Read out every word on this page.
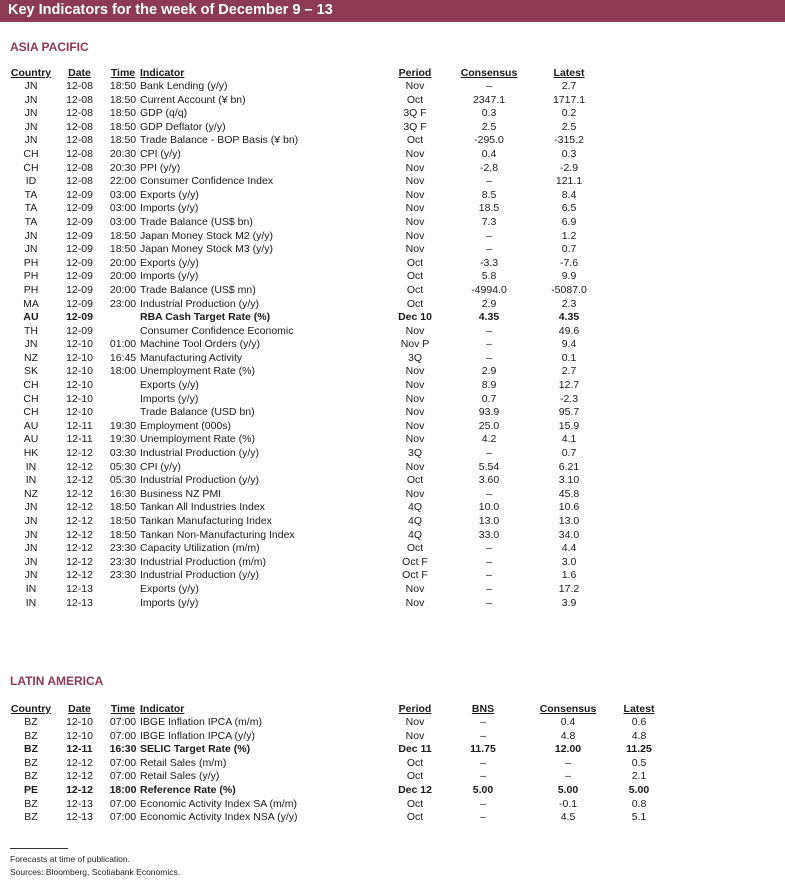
Key Indicators for the week of December 9 – 13
ASIA PACIFIC
Country	Date	Time	Indicator	Period	Consensus	Latest
JN	12-08	18:50	Bank Lending (y/y)	Nov	–	2.7
JN	12-08	18:50	Current Account (¥ bn)	Oct	2347.1	1717.1
JN	12-08	18:50	GDP (q/q)	3Q F	0.3	0.2
JN	12-08	18:50	GDP Deflator (y/y)	3Q F	2.5	2.5
JN	12-08	18:50	Trade Balance - BOP Basis (¥ bn)	Oct	-295.0	-315.2
CH	12-08	20:30	CPI (y/y)	Nov	0.4	0.3
CH	12-08	20:30	PPI (y/y)	Nov	-2.8	-2.9
ID	12-08	22:00	Consumer Confidence Index	Nov	–	121.1
TA	12-09	03:00	Exports (y/y)	Nov	8.5	8.4
TA	12-09	03:00	Imports (y/y)	Nov	18.5	6.5
TA	12-09	03:00	Trade Balance (US$ bn)	Nov	7.3	6.9
JN	12-09	18:50	Japan Money Stock M2 (y/y)	Nov	–	1.2
JN	12-09	18:50	Japan Money Stock M3 (y/y)	Nov	–	0.7
PH	12-09	20:00	Exports (y/y)	Oct	-3.3	-7.6
PH	12-09	20:00	Imports (y/y)	Oct	5.8	9.9
PH	12-09	20:00	Trade Balance (US$ mn)	Oct	-4994.0	-5087.0
MA	12-09	23:00	Industrial Production (y/y)	Oct	2.9	2.3
AU	12-09		RBA Cash Target Rate (%)	Dec 10	4.35	4.35
TH	12-09		Consumer Confidence Economic	Nov	–	49.6
JN	12-10	01:00	Machine Tool Orders (y/y)	Nov P	–	9.4
NZ	12-10	16:45	Manufacturing Activity	3Q	–	0.1
SK	12-10	18:00	Unemployment Rate (%)	Nov	2.9	2.7
CH	12-10		Exports (y/y)	Nov	8.9	12.7
CH	12-10		Imports (y/y)	Nov	0.7	-2.3
CH	12-10		Trade Balance (USD bn)	Nov	93.9	95.7
AU	12-11	19:30	Employment (000s)	Nov	25.0	15.9
AU	12-11	19:30	Unemployment Rate (%)	Nov	4.2	4.1
HK	12-12	03:30	Industrial Production (y/y)	3Q	–	0.7
IN	12-12	05:30	CPI (y/y)	Nov	5.54	6.21
IN	12-12	05:30	Industrial Production (y/y)	Oct	3.60	3.10
NZ	12-12	16:30	Business NZ PMI	Nov	–	45.8
JN	12-12	18:50	Tankan All Industries Index	4Q	10.0	10.6
JN	12-12	18:50	Tankan Manufacturing Index	4Q	13.0	13.0
JN	12-12	18:50	Tankan Non-Manufacturing Index	4Q	33.0	34.0
JN	12-12	23:30	Capacity Utilization (m/m)	Oct	–	4.4
JN	12-12	23:30	Industrial Production (m/m)	Oct F	–	3.0
JN	12-12	23:30	Industrial Production (y/y)	Oct F	–	1.6
IN	12-13		Exports (y/y)	Nov	–	17.2
IN	12-13		Imports (y/y)	Nov	–	3.9
LATIN AMERICA
Country	Date	Time	Indicator	Period	BNS	Consensus	Latest
BZ	12-10	07:00	IBGE Inflation IPCA (m/m)	Nov	–	0.4	0.6
BZ	12-10	07:00	IBGE Inflation IPCA (y/y)	Nov	–	4.8	4.8
BZ	12-11	16:30	SELIC Target Rate (%)	Dec 11	11.75	12.00	11.25
BZ	12-12	07:00	Retail Sales (m/m)	Oct	–	–	0.5
BZ	12-12	07:00	Retail Sales (y/y)	Oct	–	–	2.1
PE	12-12	18:00	Reference Rate (%)	Dec 12	5.00	5.00	5.00
BZ	12-13	07:00	Economic Activity Index SA (m/m)	Oct	–	-0.1	0.8
BZ	12-13	07:00	Economic Activity Index NSA (y/y)	Oct	–	4.5	5.1
Forecasts at time of publication.
Sources: Bloomberg, Scotiabank Economics.
